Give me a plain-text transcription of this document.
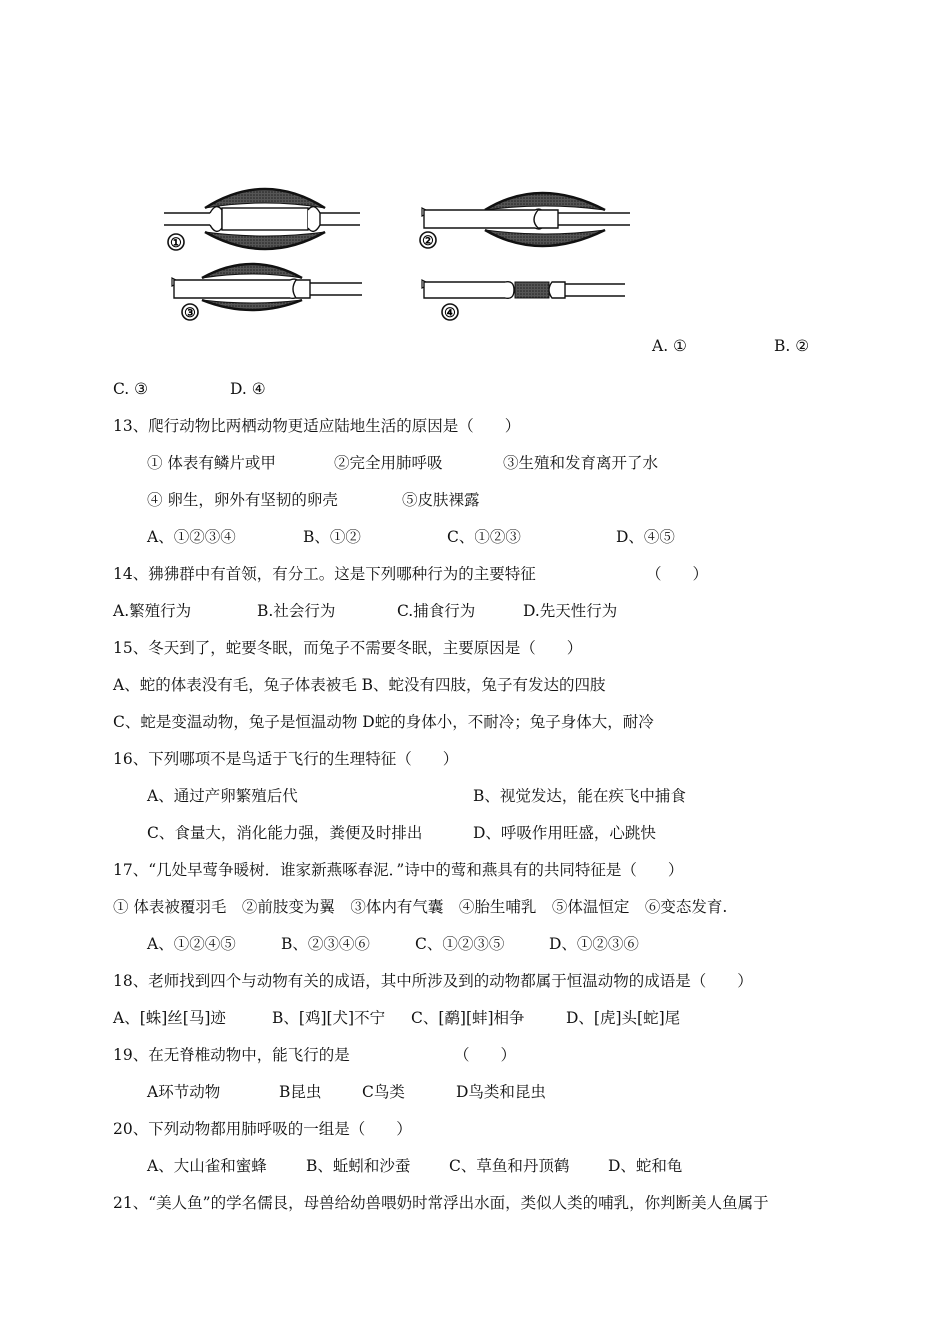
①	②
③	④
A. ①	B. ②
C. ③	D. ④
13、爬行动物比两栖动物更适应陆地生活的原因是（　　）
① 体表有鳞片或甲	②完全用肺呼吸	③生殖和发育离开了水
④ 卵生，卵外有坚韧的卵壳	⑤皮肤裸露
A、①②③④	B、①②	C、①②③	D、④⑤
14、狒狒群中有首领，有分工。这是下列哪种行为的主要特征	（　　）
A.繁殖行为	B.社会行为	C.捕食行为	D.先天性行为
15、冬天到了，蛇要冬眠，而兔子不需要冬眠，主要原因是（　　）
A、蛇的体表没有毛，兔子体表被毛 B、蛇没有四肢，兔子有发达的四肢
C、蛇是变温动物，兔子是恒温动物 D蛇的身体小，不耐冷；兔子身体大，耐冷
16、下列哪项不是鸟适于飞行的生理特征（　　）
A、通过产卵繁殖后代	B、视觉发达，能在疾飞中捕食
C、食量大，消化能力强，粪便及时排出	D、呼吸作用旺盛，心跳快
17、“几处早莺争暖树．谁家新燕啄春泥．”诗中的莺和燕具有的共同特征是（　　）
① 体表被覆羽毛　②前肢变为翼　③体内有气囊　④胎生哺乳　⑤体温恒定　⑥变态发育.
A、①②④⑤	B、②③④⑥	C、①②③⑤	D、①②③⑥
18、老师找到四个与动物有关的成语，其中所涉及到的动物都属于恒温动物的成语是（　　）
A、[蛛]丝[马]迹	B、[鸡][犬]不宁 C、[鹬][蚌]相争	D、[虎]头[蛇]尾
19、在无脊椎动物中，能飞行的是	（　　）
A环节动物	B昆虫	C鸟类	D鸟类和昆虫
20、下列动物都用肺呼吸的一组是（　　）
A、大山雀和蜜蜂	B、蚯蚓和沙蚕 C、草鱼和丹顶鹤 D、蛇和龟
21、“美人鱼”的学名儒艮，母兽给幼兽喂奶时常浮出水面，类似人类的哺乳，你判断美人鱼属于
